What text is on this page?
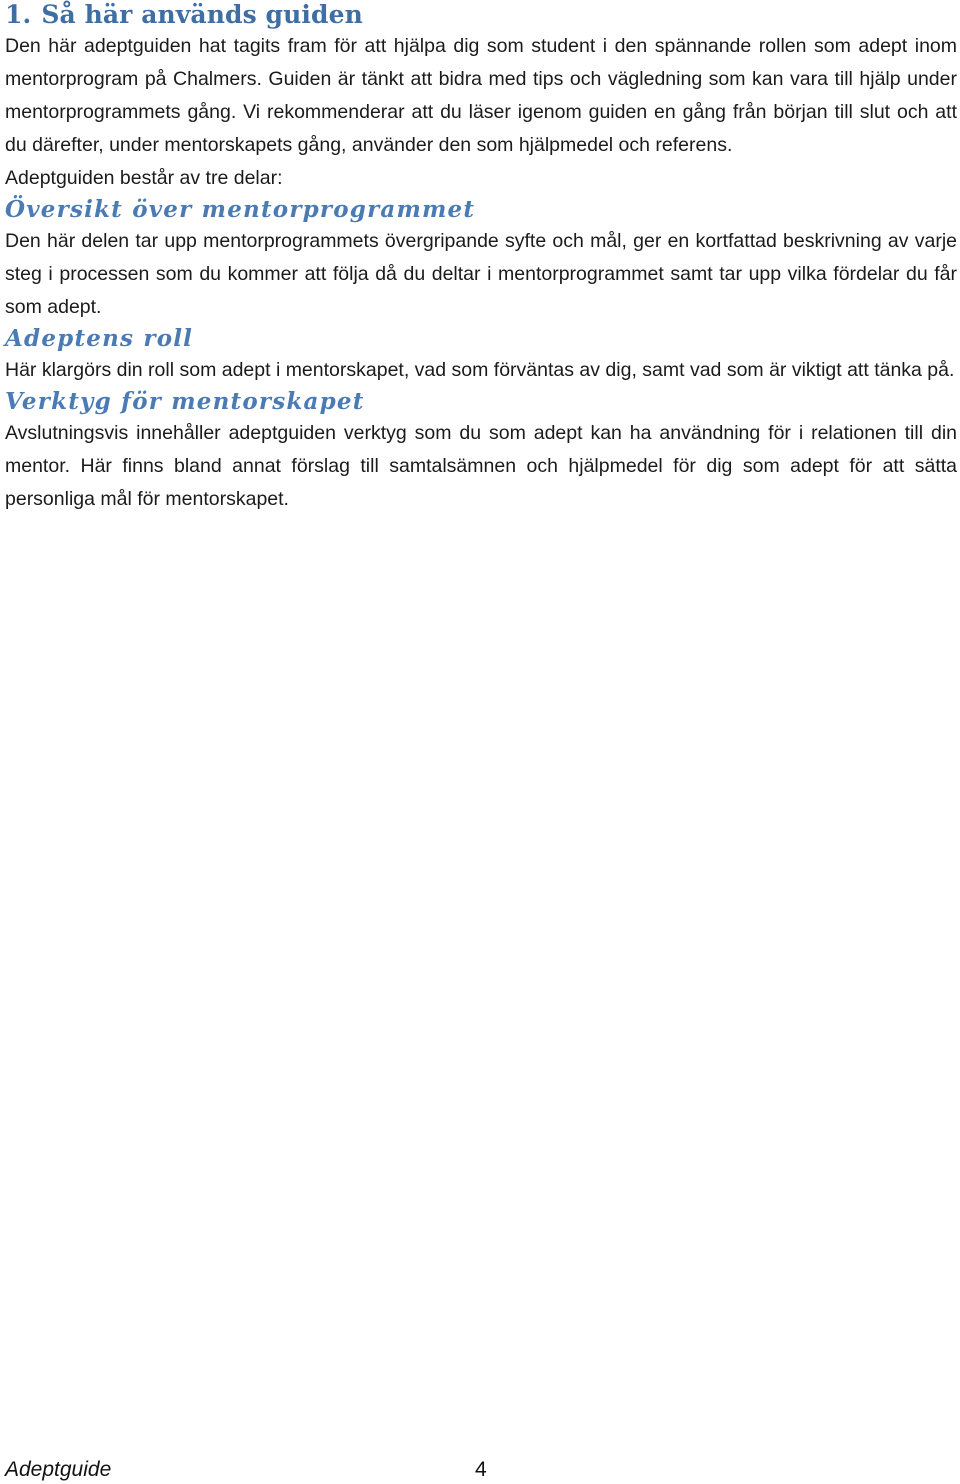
1. Så här används guiden

Den här adeptguiden hat tagits fram för att hjälpa dig som student i den spännande rollen som adept inom mentorprogram på Chalmers. Guiden är tänkt att bidra med tips och vägledning som kan vara till hjälp under mentorprogrammets gång. Vi rekommenderar att du läser igenom guiden en gång från början till slut och att du därefter, under mentorskapets gång, använder den som hjälpmedel och referens.

Adeptguiden består av tre delar:

Översikt över mentorprogrammet

Den här delen tar upp mentorprogrammets övergripande syfte och mål, ger en kortfattad beskrivning av varje steg i processen som du kommer att följa då du deltar i mentorprogrammet samt tar upp vilka fördelar du får som adept.

Adeptens roll

Här klargörs din roll som adept i mentorskapet, vad som förväntas av dig, samt vad som är viktigt att tänka på.

Verktyg för mentorskapet

Avslutningsvis innehåller adeptguiden verktyg som du som adept kan ha användning för i relationen till din mentor. Här finns bland annat förslag till samtalsämnen och hjälpmedel för dig som adept för att sätta personliga mål för mentorskapet.

Adeptguide	4
